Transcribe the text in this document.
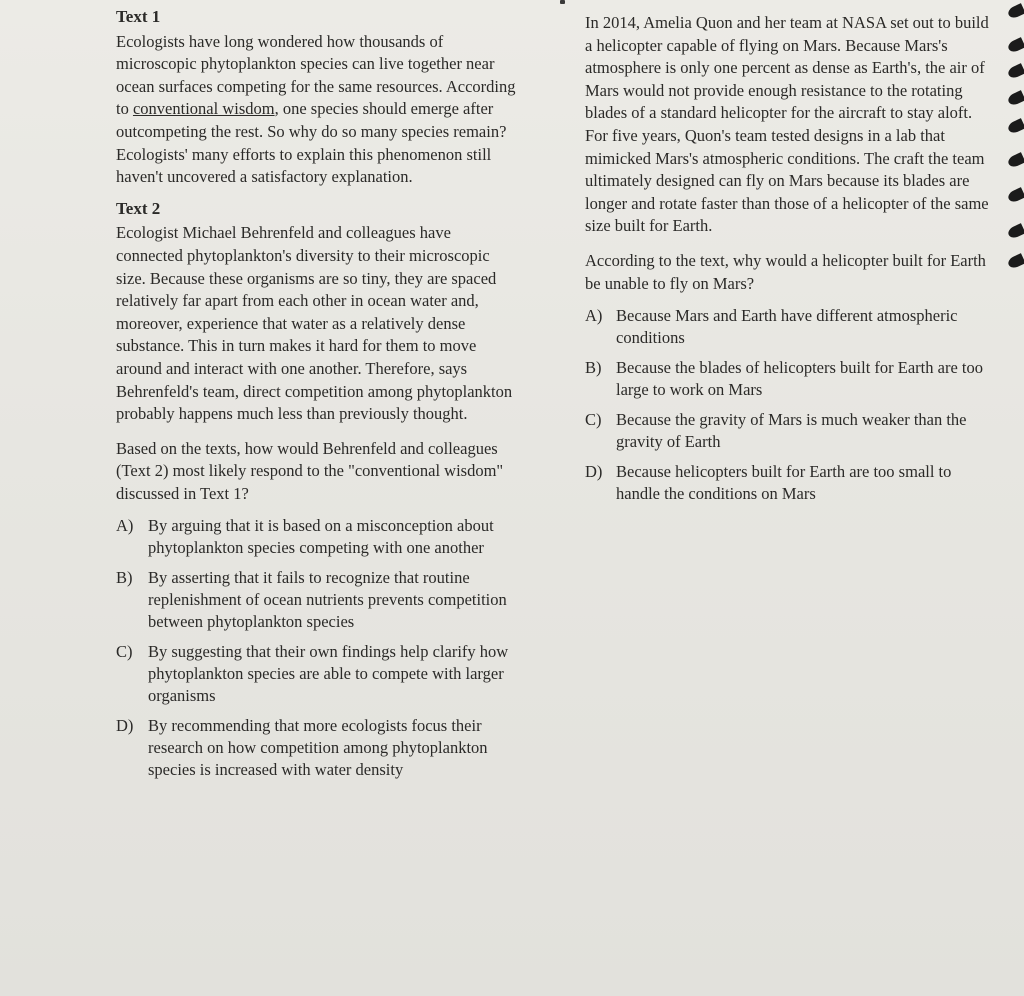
Text 1

Ecologists have long wondered how thousands of microscopic phytoplankton species can live together near ocean surfaces competing for the same resources. According to conventional wisdom, one species should emerge after outcompeting the rest. So why do so many species remain? Ecologists' many efforts to explain this phenomenon still haven't uncovered a satisfactory explanation.

Text 2

Ecologist Michael Behrenfeld and colleagues have connected phytoplankton's diversity to their microscopic size. Because these organisms are so tiny, they are spaced relatively far apart from each other in ocean water and, moreover, experience that water as a relatively dense substance. This in turn makes it hard for them to move around and interact with one another. Therefore, says Behrenfeld's team, direct competition among phytoplankton probably happens much less than previously thought.

Based on the texts, how would Behrenfeld and colleagues (Text 2) most likely respond to the "conventional wisdom" discussed in Text 1?

A) By arguing that it is based on a misconception about phytoplankton species competing with one another
B) By asserting that it fails to recognize that routine replenishment of ocean nutrients prevents competition between phytoplankton species
C) By suggesting that their own findings help clarify how phytoplankton species are able to compete with larger organisms
D) By recommending that more ecologists focus their research on how competition among phytoplankton species is increased with water density

In 2014, Amelia Quon and her team at NASA set out to build a helicopter capable of flying on Mars. Because Mars's atmosphere is only one percent as dense as Earth's, the air of Mars would not provide enough resistance to the rotating blades of a standard helicopter for the aircraft to stay aloft. For five years, Quon's team tested designs in a lab that mimicked Mars's atmospheric conditions. The craft the team ultimately designed can fly on Mars because its blades are longer and rotate faster than those of a helicopter of the same size built for Earth.

According to the text, why would a helicopter built for Earth be unable to fly on Mars?

A) Because Mars and Earth have different atmospheric conditions
B) Because the blades of helicopters built for Earth are too large to work on Mars
C) Because the gravity of Mars is much weaker than the gravity of Earth
D) Because helicopters built for Earth are too small to handle the conditions on Mars
